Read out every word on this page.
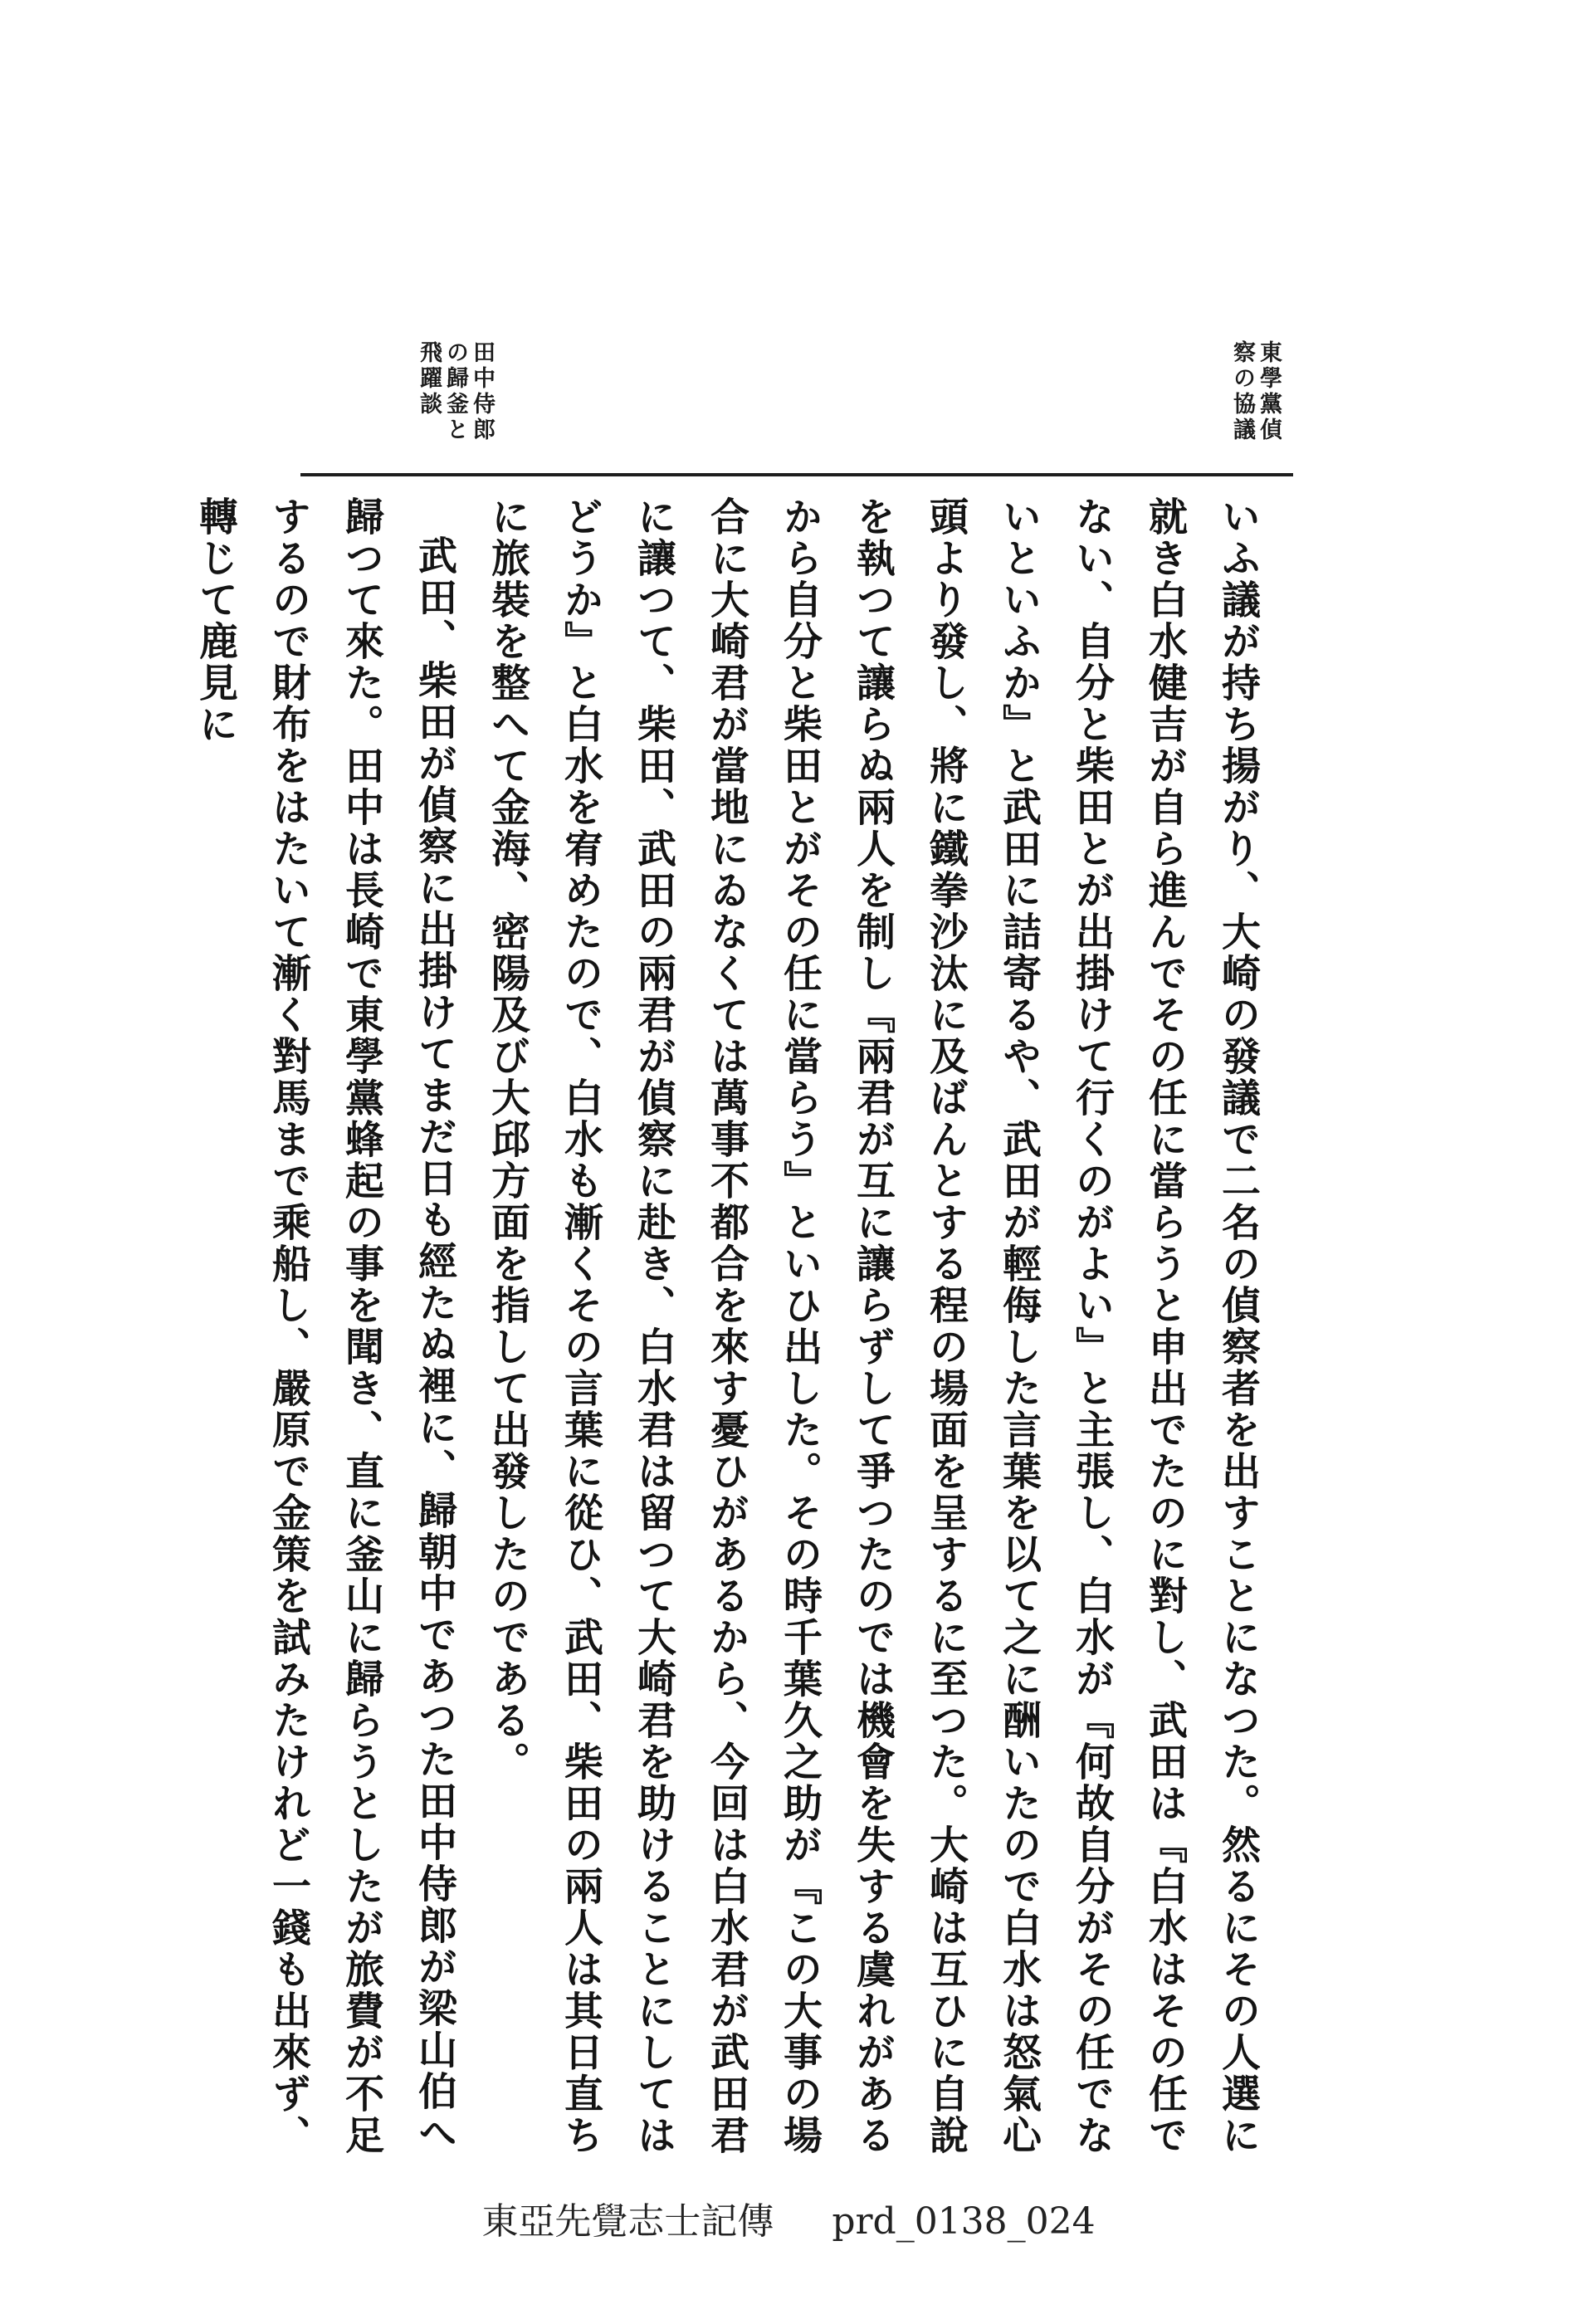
東學黨偵察の協議
田中侍郎の歸釜と飛躍談

いふ議が持ち揚がり、大崎の發議で二名の偵察者を出すことになつた。然るにその人選に就き白水健吉が自ら進んでその任に當らうと申出でたのに對し、武田は『白水はその任でない、自分と柴田とが出掛けて行くのがよい』と主張し、白水が『何故自分がその任でないといふか』と武田に詰寄るや、武田が輕侮した言葉を以て之に酬いたので白水は怒氣心頭より發し、將に鐵拳沙汰に及ばんとする程の場面を呈するに至つた。大崎は互ひに自說を執つて讓らぬ兩人を制し『兩君が互に讓らずして爭つたのでは機會を失する虞れがあるから自分と柴田とがその任に當らう』といひ出した。その時千葉久之助が『この大事の場合に大崎君が當地にゐなくては萬事不都合を來す憂ひがあるから、今回は白水君が武田君に讓つて、柴田、武田の兩君が偵察に赴き、白水君は留つて大崎君を助けることにしてはどうか』と白水を宥めたので、白水も漸くその言葉に從ひ、武田、柴田の兩人は其日直ちに旅裝を整へて金海、密陽及び大邱方面を指して出發したのである。

武田、柴田が偵察に出掛けてまだ日も經たぬ裡に、歸朝中であつた田中侍郎が梁山伯へ歸つて來た。田中は長崎で東學黨蜂起の事を聞き、直に釜山に歸らうとしたが旅費が不足するので財布をはたいて漸く對馬まで乘船し、嚴原で金策を試みたけれど一錢も出來ず、轉じて鹿見に

東亞先覺志士記傳 prd_0138_024
